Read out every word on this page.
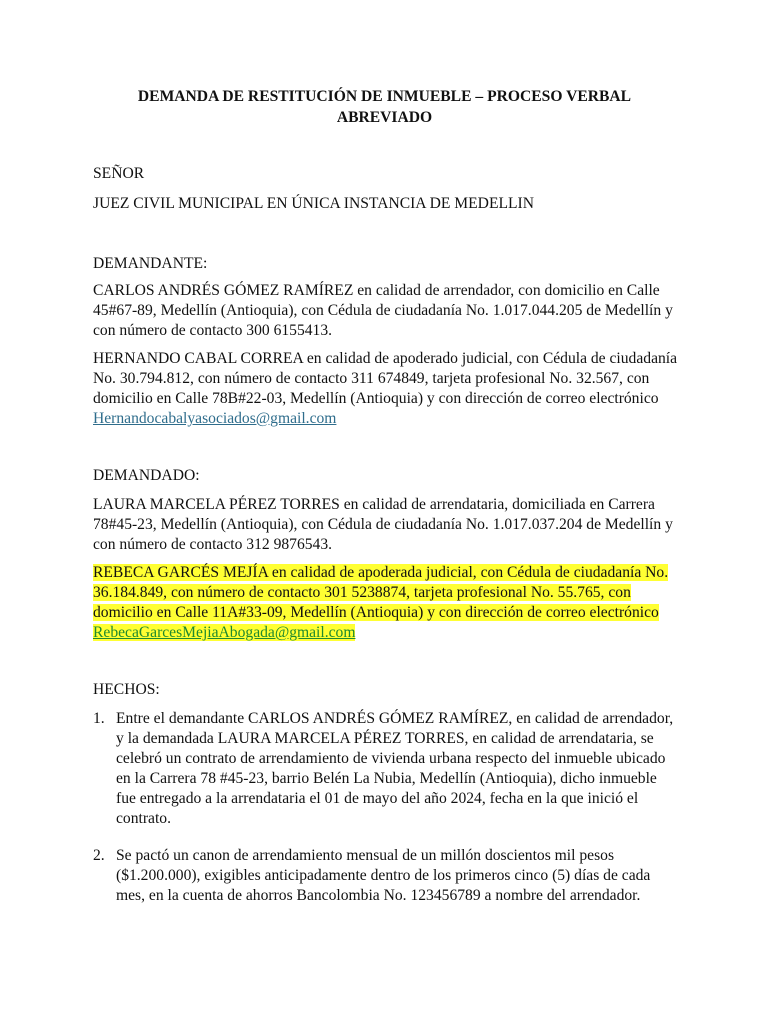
DEMANDA DE RESTITUCIÓN DE INMUEBLE – PROCESO VERBAL
ABREVIADO
SEÑOR
JUEZ CIVIL MUNICIPAL EN ÚNICA INSTANCIA DE MEDELLIN
DEMANDANTE:

CARLOS ANDRÉS GÓMEZ RAMÍREZ en calidad de arrendador, con domicilio en Calle 45#67-89, Medellín (Antioquia), con Cédula de ciudadanía No. 1.017.044.205 de Medellín y con número de contacto 300 6155413.

HERNANDO CABAL CORREA en calidad de apoderado judicial, con Cédula de ciudadanía No. 30.794.812, con número de contacto 311 674849, tarjeta profesional No. 32.567, con domicilio en Calle 78B#22-03, Medellín (Antioquia) y con dirección de correo electrónico
Hernandocabalyasociados@gmail.com

DEMANDADO:

LAURA MARCELA PÉREZ TORRES en calidad de arrendataria, domiciliada en Carrera 78#45-23, Medellín (Antioquia), con Cédula de ciudadanía No. 1.017.037.204 de Medellín y con número de contacto 312 9876543.

REBECA GARCÉS MEJÍA en calidad de apoderada judicial, con Cédula de ciudadanía No. 36.184.849, con número de contacto 301 5238874, tarjeta profesional No. 55.765, con domicilio en Calle 11A#33-09, Medellín (Antioquia) y con dirección de correo electrónico
RebecaGarcesMejiaAbogada@gmail.com

HECHOS:
1. Entre el demandante CARLOS ANDRÉS GÓMEZ RAMÍREZ, en calidad de arrendador, y la demandada LAURA MARCELA PÉREZ TORRES, en calidad de arrendataria, se celebró un contrato de arrendamiento de vivienda urbana respecto del inmueble ubicado en la Carrera 78 #45-23, barrio Belén La Nubia, Medellín (Antioquia), dicho inmueble fue entregado a la arrendataria el 01 de mayo del año 2024, fecha en la que inició el contrato.

2. Se pactó un canon de arrendamiento mensual de un millón doscientos mil pesos ($1.200.000), exigibles anticipadamente dentro de los primeros cinco (5) días de cada mes, en la cuenta de ahorros Bancolombia No. 123456789 a nombre del arrendador.
